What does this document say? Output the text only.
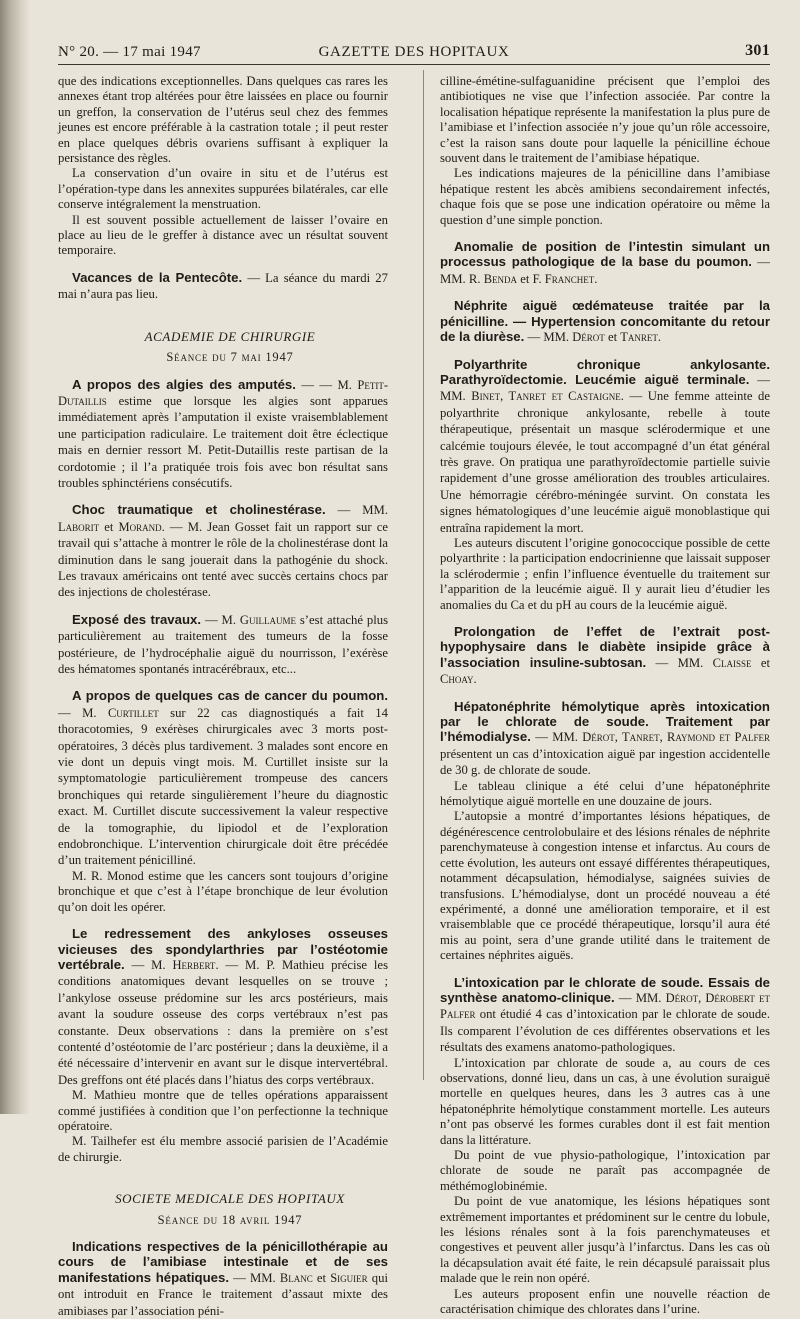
N° 20. — 17 mai 1947	GAZETTE DES HOPITAUX	301

que des indications exceptionnelles. Dans quelques cas rares les annexes étant trop altérées pour être laissées en place ou fournir un greffon, la conservation de l’utérus seul chez des femmes jeunes est encore préférable à la castration totale ; il peut rester en place quelques débris ovariens suffisant à expliquer la persistance des règles.

La conservation d’un ovaire in situ et de l’utérus est l’opération-type dans les annexites suppurées bilatérales, car elle conserve intégralement la menstruation.

Il est souvent possible actuellement de laisser l’ovaire en place au lieu de le greffer à distance avec un résultat souvent temporaire.

Vacances de la Pentecôte. — La séance du mardi 27 mai n’aura pas lieu.

ACADEMIE DE CHIRURGIE

Séance du 7 mai 1947

A propos des algies des amputés. — — M. Petit-Dutaillis estime que lorsque les algies sont apparues immédiatement après l’amputation il existe vraisemblablement une participation radiculaire. Le traitement doit être éclectique mais en dernier ressort M. Petit-Dutaillis reste partisan de la cordotomie ; il l’a pratiquée trois fois avec bon résultat sans troubles sphinctériens consécutifs.

Choc traumatique et cholinestérase. — MM. Laborit et Morand. — M. Jean Gosset fait un rapport sur ce travail qui s’attache à montrer le rôle de la cholinestérase dont la diminution dans le sang jouerait dans la pathogénie du shock. Les travaux américains ont tenté avec succès certains chocs par des injections de cholestérase.

Exposé des travaux. — M. Guillaume s’est attaché plus particulièrement au traitement des tumeurs de la fosse postérieure, de l’hydrocéphalie aiguë du nourrisson, l’exérèse des hématomes spontanés intracérébraux, etc...

A propos de quelques cas de cancer du poumon. — M. Curtillet sur 22 cas diagnostiqués a fait 14 thoracotomies, 9 exérèses chirurgicales avec 3 morts post-opératoires, 3 décès plus tardivement. 3 malades sont encore en vie dont un depuis vingt mois. M. Curtillet insiste sur la symptomatologie particulièrement trompeuse des cancers bronchiques qui retarde singulièrement l’heure du diagnostic exact. M. Curtillet discute successivement la valeur respective de la tomographie, du lipiodol et de l’exploration endobronchique. L’intervention chirurgicale doit être précédée d’un traitement pénicilliné.

M. R. Monod estime que les cancers sont toujours d’origine bronchique et que c’est à l’étape bronchique de leur évolution qu’on doit les opérer.

Le redressement des ankyloses osseuses vicieuses des spondylarthries par l’ostéotomie vertébrale. — M. Herbert. — M. P. Mathieu précise les conditions anatomiques devant lesquelles on se trouve ; l’ankylose osseuse prédomine sur les arcs postérieurs, mais avant la soudure osseuse des corps vertébraux n’est pas constante. Deux observations : dans la première on s’est contenté d’ostéotomie de l’arc postérieur ; dans la deuxième, il a été nécessaire d’intervenir en avant sur le disque intervertébral. Des greffons ont été placés dans l’hiatus des corps vertébraux.

M. Mathieu montre que de telles opérations apparaissent commé justifiées à condition que l’on perfectionne la technique opératoire.

M. Tailhefer est élu membre associé parisien de l’Académie de chirurgie.

SOCIETE MEDICALE DES HOPITAUX

Séance du 18 avril 1947

Indications respectives de la pénicillothérapie au cours de l’amibiase intestinale et de ses manifestations hépatiques. — MM. Blanc et Siguier qui ont introduit en France le traitement d’assaut mixte des amibiases par l’association péni-

cilline-émétine-sulfaguanidine précisent que l’emploi des antibiotiques ne vise que l’infection associée. Par contre la localisation hépatique représente la manifestation la plus pure de l’amibiase et l’infection associée n’y joue qu’un rôle accessoire, c’est la raison sans doute pour laquelle la pénicilline échoue souvent dans le traitement de l’amibiase hépatique.

Les indications majeures de la pénicilline dans l’amibiase hépatique restent les abcès amibiens secondairement infectés, chaque fois que se pose une indication opératoire ou même la question d’une simple ponction.

Anomalie de position de l’intestin simulant un processus pathologique de la base du poumon. — MM. R. Benda et F. Franchet.

Néphrite aiguë œdémateuse traitée par la pénicilline. — Hypertension concomitante du retour de la diurèse. — MM. Dérot et Tanret.

Polyarthrite chronique ankylosante. Parathyroïdectomie. Leucémie aiguë terminale. — MM. Binet, Tanret et Castaigne. — Une femme atteinte de polyarthrite chronique ankylosante, rebelle à toute thérapeutique, présentait un masque sclérodermique et une calcémie toujours élevée, le tout accompagné d’un état général très grave. On pratiqua une parathyroïdectomie partielle suivie rapidement d’une grosse amélioration des troubles articulaires. Une hémorragie cérébro-méningée survint. On constata les signes hématologiques d’une leucémie aiguë monoblastique qui entraîna rapidement la mort.

Les auteurs discutent l’origine gonococcique possible de cette polyarthrite : la participation endocrinienne que laissait supposer la sclérodermie ; enfin l’influence éventuelle du traitement sur l’apparition de la leucémie aiguë. Il y aurait lieu d’étudier les anomalies du Ca et du pH au cours de la leucémie aiguë.

Prolongation de l’effet de l’extrait post-hypophysaire dans le diabète insipide grâce à l’association insuline-subtosan. — MM. Claisse et Choay.

Hépatonéphrite hémolytique après intoxication par le chlorate de soude. Traitement par l’hémodialyse. — MM. Dérot, Tanret, Raymond et Palfer présentent un cas d’intoxication aiguë par ingestion accidentelle de 30 g. de chlorate de soude.

Le tableau clinique a été celui d’une hépatonéphrite hémolytique aiguë mortelle en une douzaine de jours.

L’autopsie a montré d’importantes lésions hépatiques, de dégénérescence centrolobulaire et des lésions rénales de néphrite parenchymateuse à congestion intense et infarctus. Au cours de cette évolution, les auteurs ont essayé différentes thérapeutiques, notamment décapsulation, hémodialyse, saignées suivies de transfusions. L’hémodialyse, dont un procédé nouveau a été expérimenté, a donné une amélioration temporaire, et il est vraisemblable que ce procédé thérapeutique, lorsqu’il aura été mis au point, sera d’une grande utilité dans le traitement de certaines néphrites aiguës.

L’intoxication par le chlorate de soude. Essais de synthèse anatomo-clinique. — MM. Dérot, Dérobert et Palfer ont étudié 4 cas d’intoxication par le chlorate de soude. Ils comparent l’évolution de ces différentes observations et les résultats des examens anatomo-pathologiques.

L’intoxication par chlorate de soude a, au cours de ces observations, donné lieu, dans un cas, à une évolution suraiguë mortelle en quelques heures, dans les 3 autres cas à une hépatonéphrite hémolytique constamment mortelle. Les auteurs n’ont pas observé les formes curables dont il est fait mention dans la littérature.

Du point de vue physio-pathologique, l’intoxication par chlorate de soude ne paraît pas accompagnée de méthémoglobinémie.

Du point de vue anatomique, les lésions hépatiques sont extrêmement importantes et prédominent sur le centre du lobule, les lésions rénales sont à la fois parenchymateuses et congestives et peuvent aller jusqu’à l’infarctus. Dans les cas où la décapsulation avait été faite, le rein décapsulé paraissait plus malade que le rein non opéré.

Les auteurs proposent enfin une nouvelle réaction de caractérisation chimique des chlorates dans l’urine.
